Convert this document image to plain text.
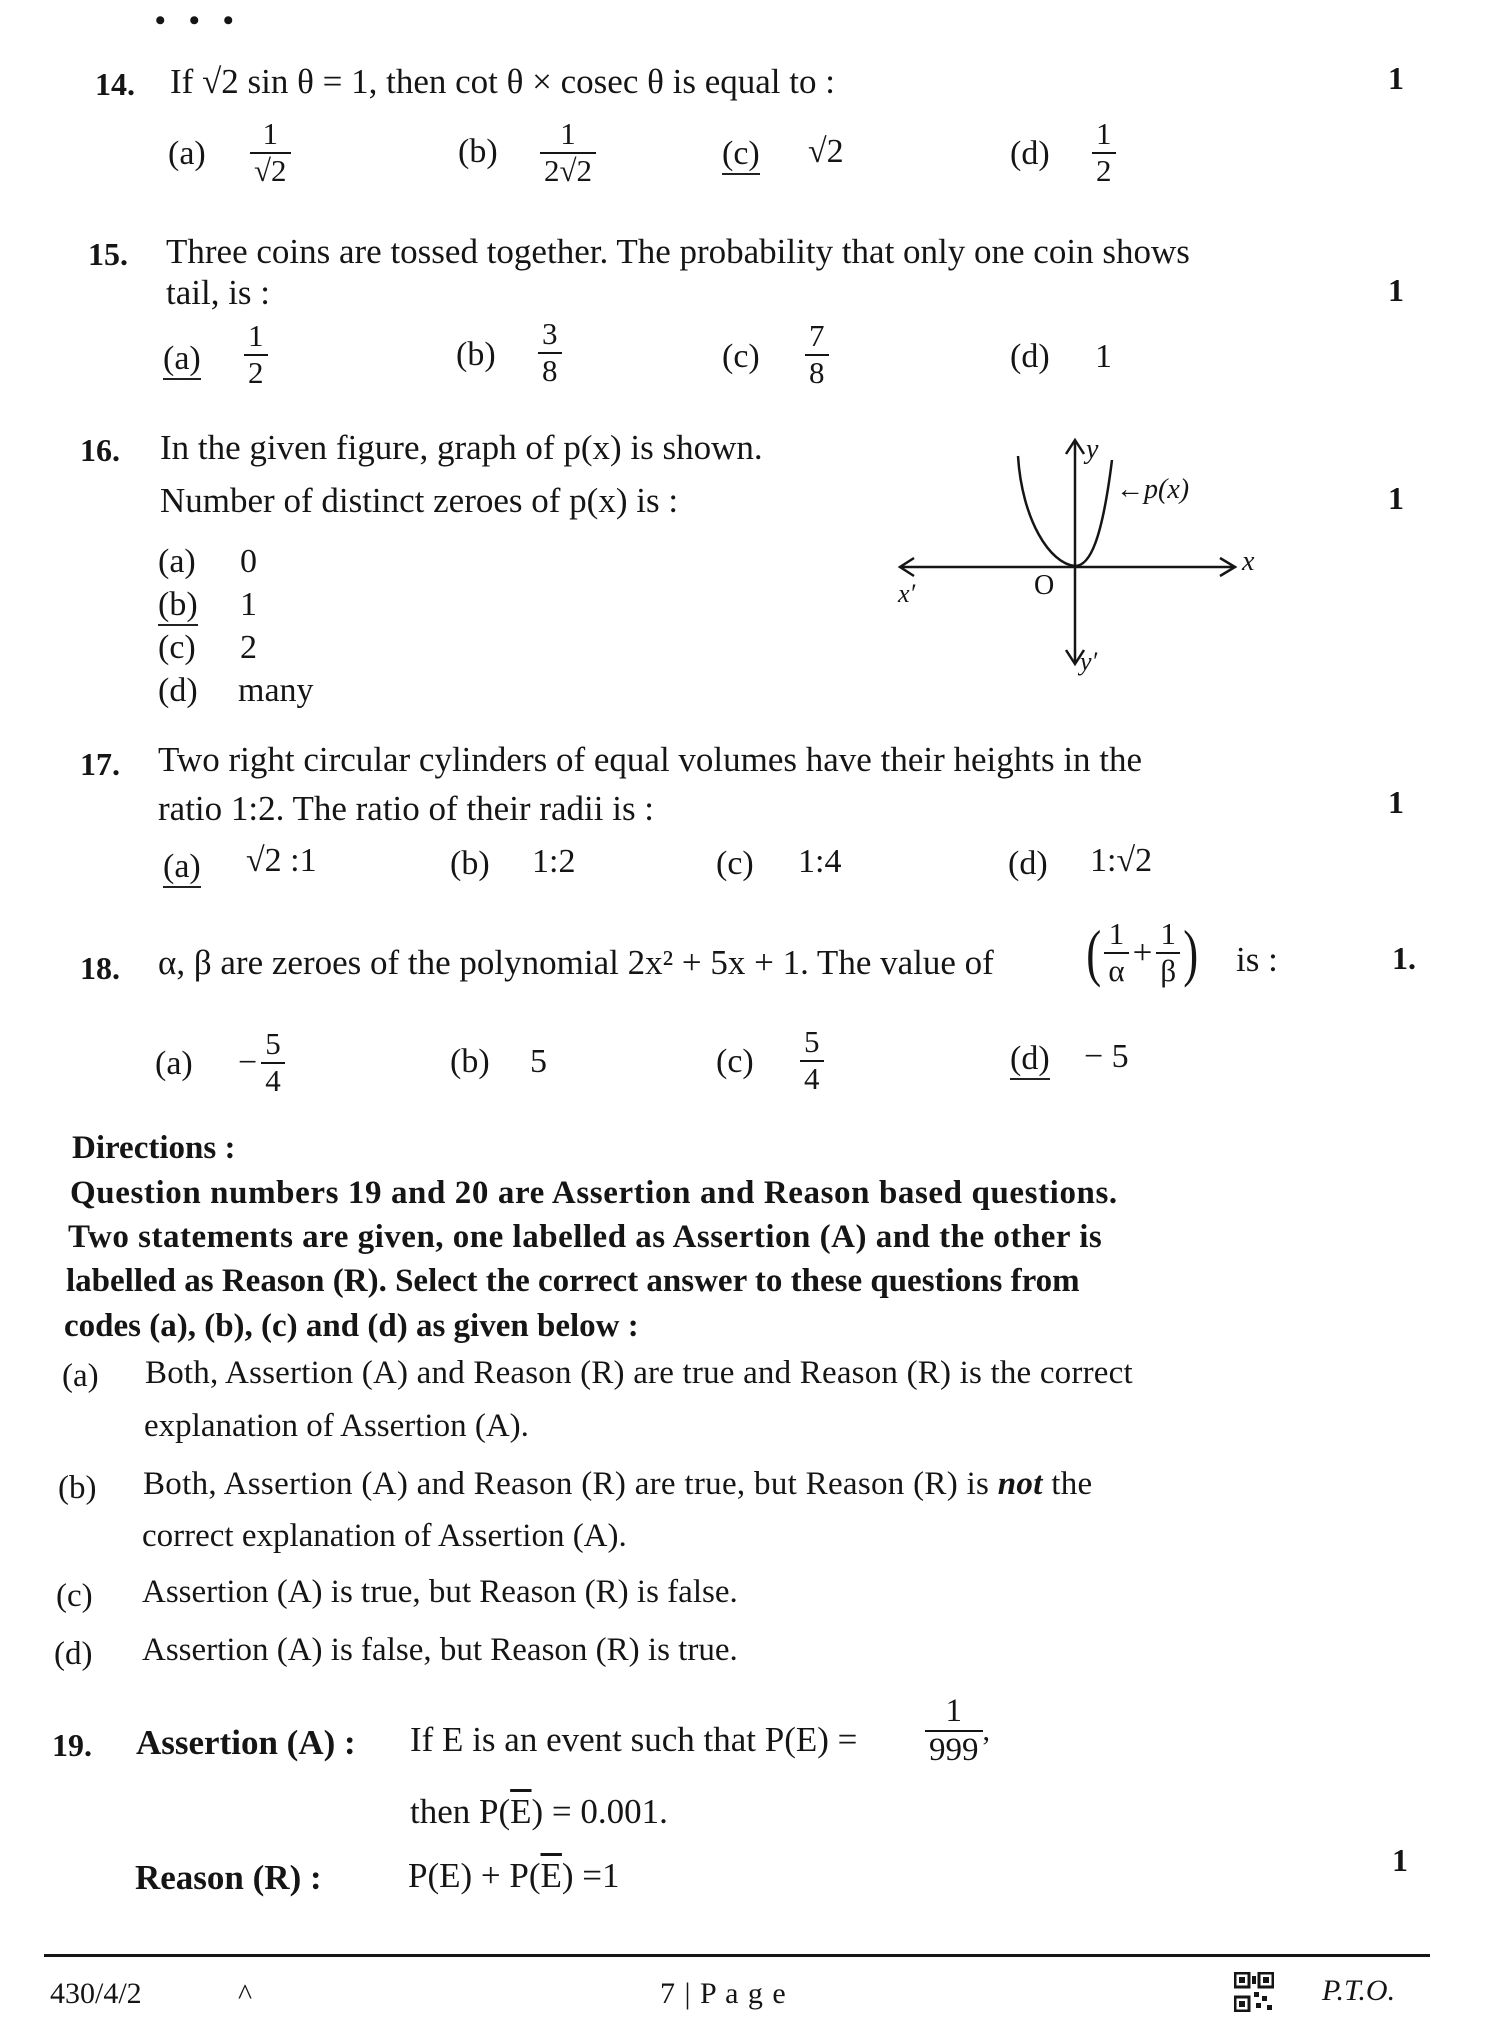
• • •
14. If √2 sin θ = 1, then cot θ × cosec θ is equal to :	1
$(a) \frac{1}{√2}$	$(b) \frac{1}{2√2}$	(c) √2	$(d) \frac{1}{2}$
15. Three coins are tossed together. The probability that only one coin shows
tail, is :	1
$(a) \frac{1}{2}$	$(b) \frac{3}{8}$	$(c) \frac{7}{8}$	(d) 1
16. In the given figure, graph of p(x) is shown.
Number of distinct zeroes of p(x) is :	1
(a) 0
(b) 1
(c) 2
(d) many
y
y′
x
x′	O
←p(x)
17. Two right circular cylinders of equal volumes have their heights in the
ratio 1:2. The ratio of their radii is :	1
(a) √2 :1	(b) 1:2	(c) 1:4	(d) 1:√2
18. α, β are zeroes of the polynomial 2x² + 5x + 1. The value of ( $\frac{1}{\alpha} + \frac{1}{\beta}$ ) is :	1.
$(a) - \frac{5}{4}$	(b) 5	$(c) \frac{5}{4}$	(d) − 5
Directions :
Question numbers 19 and 20 are Assertion and Reason based questions.
Two statements are given, one labelled as Assertion (A) and the other is
labelled as Reason (R). Select the correct answer to these questions from
codes (a), (b), (c) and (d) as given below :
(a) Both, Assertion (A) and Reason (R) are true and Reason (R) is the correct
explanation of Assertion (A).
(b) Both, Assertion (A) and Reason (R) are true, but Reason (R) is not the
correct explanation of Assertion (A).
(c) Assertion (A) is true, but Reason (R) is false.
(d) Assertion (A) is false, but Reason (R) is true.
19. Assertion (A) : If E is an event such that $P(E) = \frac{1}{999}$ ,
then $P(\overline{E}) = 0.001$.
Reason (R) : $P(E) + P(\overline{E}) =1$	1
430/4/2	^	7 | P a g e	P.T.O.
